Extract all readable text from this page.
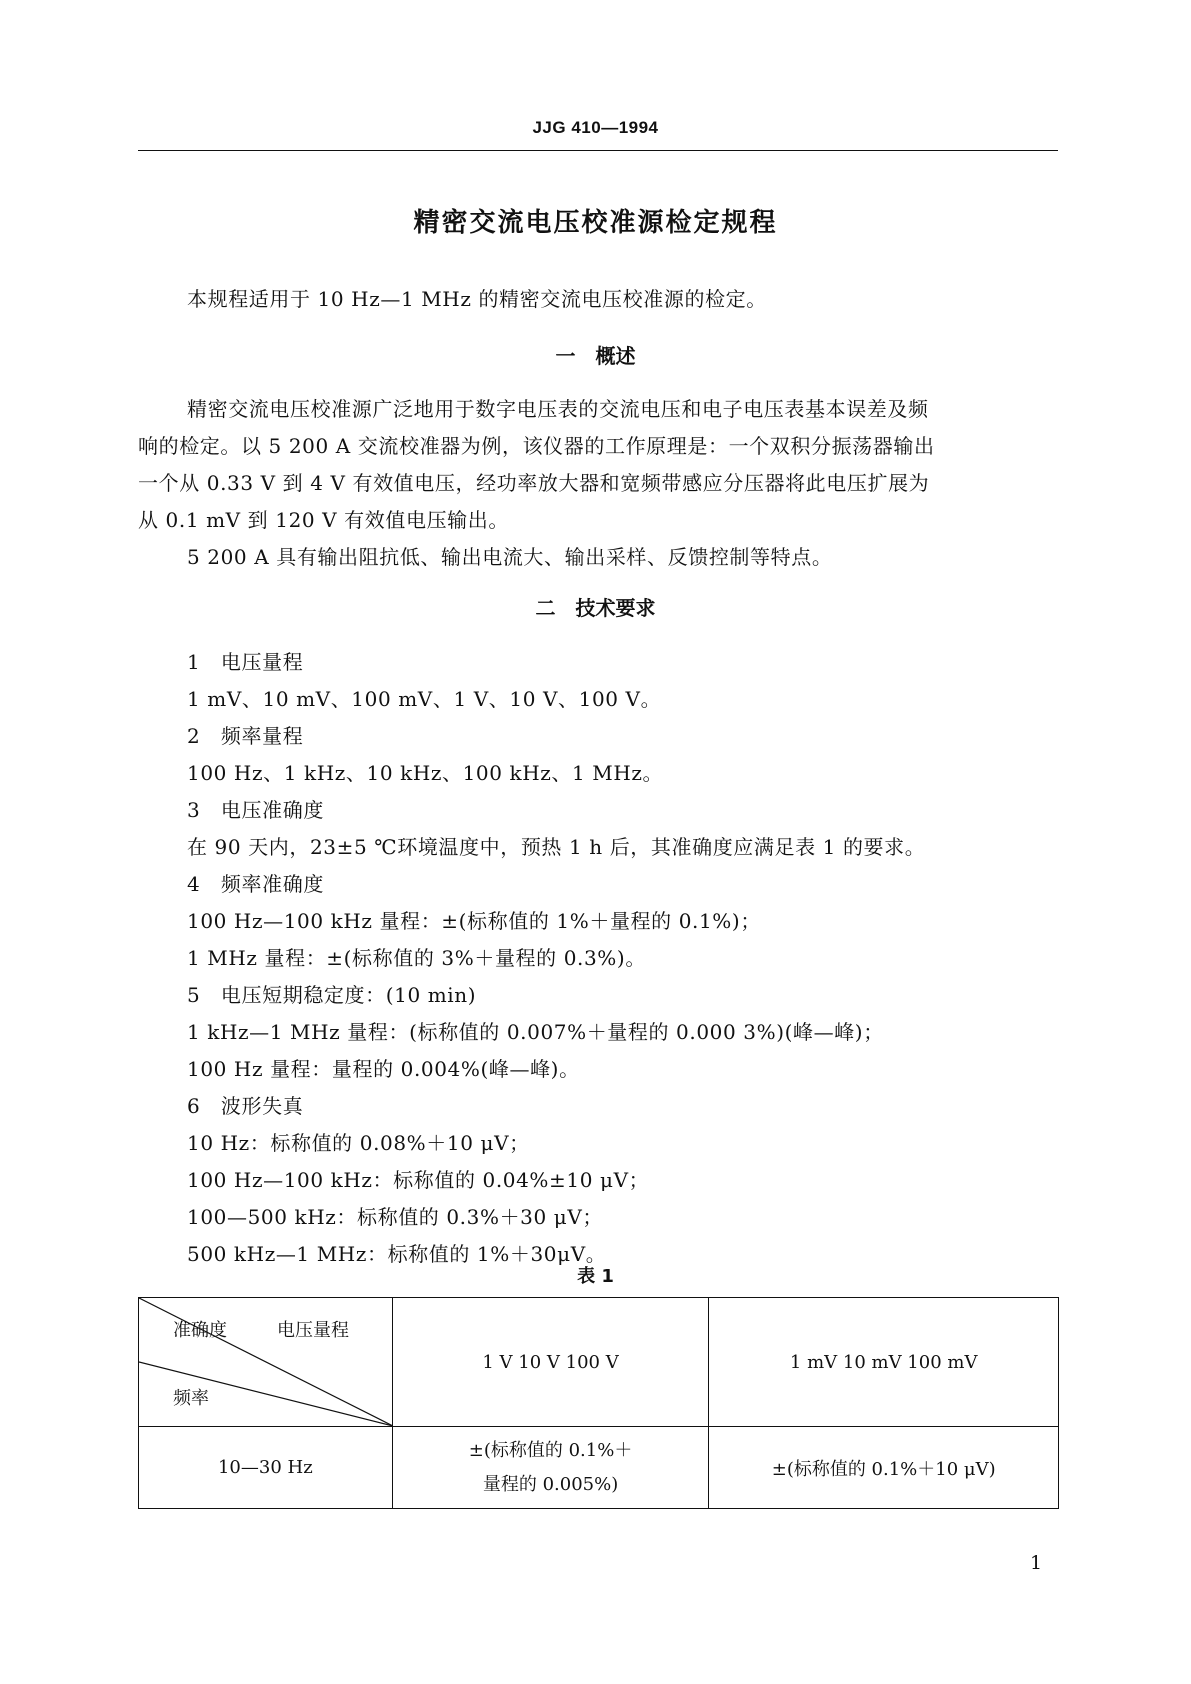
JJG 410—1994
精密交流电压校准源检定规程
本规程适用于 10 Hz—1 MHz 的精密交流电压校准源的检定。
一　概述
精密交流电压校准源广泛地用于数字电压表的交流电压和电子电压表基本误差及频
响的检定。以 5 200 A 交流校准器为例，该仪器的工作原理是：一个双积分振荡器输出
一个从 0.33 V 到 4 V 有效值电压，经功率放大器和宽频带感应分压器将此电压扩展为
从 0.1 mV 到 120 V 有效值电压输出。
5 200 A 具有输出阻抗低、输出电流大、输出采样、反馈控制等特点。
二　技术要求
1　电压量程
1 mV、10 mV、100 mV、1 V、10 V、100 V。
2　频率量程
100 Hz、1 kHz、10 kHz、100 kHz、1 MHz。
3　电压准确度
在 90 天内，23±5 ℃环境温度中，预热 1 h 后，其准确度应满足表 1 的要求。
4　频率准确度
100 Hz—100 kHz 量程：±(标称值的 1%＋量程的 0.1%)；
1 MHz 量程：±(标称值的 3%＋量程的 0.3%)。
5　电压短期稳定度：(10 min)
1 kHz—1 MHz 量程：(标称值的 0.007%＋量程的 0.000 3%)(峰—峰)；
100 Hz 量程：量程的 0.004%(峰—峰)。
6　波形失真
10 Hz：标称值的 0.08%＋10 μV；
100 Hz—100 kHz：标称值的 0.04%±10 μV；
100—500 kHz：标称值的 0.3%＋30 μV；
500 kHz—1 MHz：标称值的 1%＋30μV。
表 1
准确度 电压量程
频率	1 V 10 V 100 V	1 mV 10 mV 100 mV
10—30 Hz	±(标称值的 0.1%＋
量程的 0.005%)	±(标称值的 0.1%＋10 μV)
1
